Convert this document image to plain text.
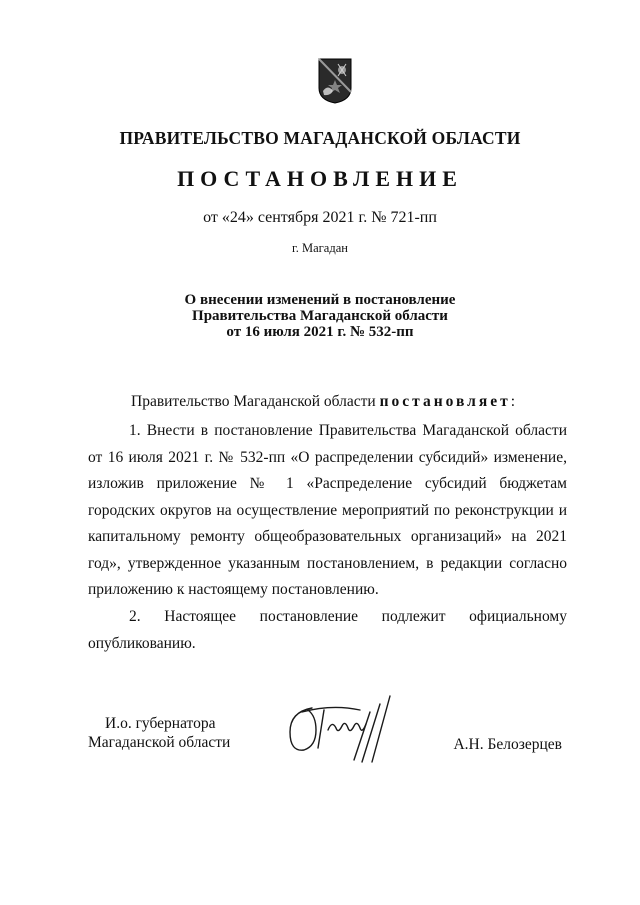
ПРАВИТЕЛЬСТВО МАГАДАНСКОЙ ОБЛАСТИ
ПОСТАНОВЛЕНИЕ
от «24» сентября 2021 г. № 721-пп
г. Магадан
О внесении изменений в постановление
Правительства Магаданской области
от 16 июля 2021 г. № 532-пп
Правительство Магаданской области постановляет:
1. Внести в постановление Правительства Магаданской области от 16 июля 2021 г. № 532-пп «О распределении субсидий» изменение, изложив приложение № 1 «Распределение субсидий бюджетам городских округов на осуществление мероприятий по реконструкции и капитальному ремонту общеобразовательных организаций» на 2021 год», утвержденное указанным постановлением, в редакции согласно приложению к настоящему постановлению.
2. Настоящее постановление подлежит официальному опубликованию.
И.о. губернатора
Магаданской области	А.Н. Белозерцев
